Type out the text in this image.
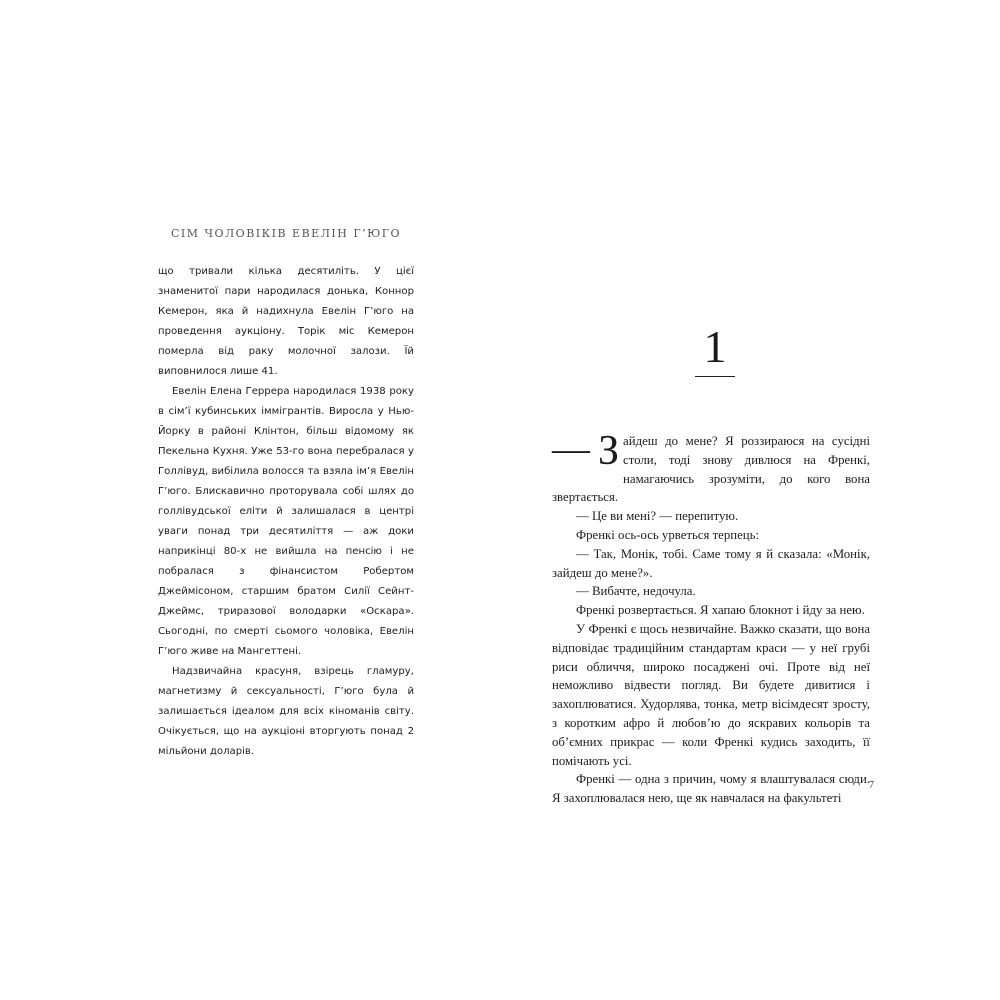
СІМ ЧОЛОВІКІВ ЕВЕЛІН Г’ЮГО

що тривали кілька десятиліть. У цієї знаменитої пари народилася донька, Коннор Кемерон, яка й надихнула Евелін Г’юго на проведення аукціону. Торік міс Кемерон померла від раку молочної залози. Їй виповнилося лише 41.

Евелін Елена Геррера народилася 1938 року в сім’ї кубинських іммігрантів. Виросла у Нью-Йорку в районі Клінтон, більш відомому як Пекельна Кухня. Уже 53-го вона перебралася у Голлівуд, вибілила волосся та взяла ім’я Евелін Г’юго. Блискавично проторувала собі шлях до голлівудської еліти й залишалася в центрі уваги понад три десятиліття — аж доки наприкінці 80-х не вийшла на пенсію і не побралася з фінансистом Робертом Джеймісоном, старшим братом Силії Сейнт-Джеймс, триразової володарки «Оскара». Сьогодні, по смерті сьомого чоловіка, Евелін Г’юго живе на Мангеттені.

Надзвичайна красуня, взірець гламуру, магнетизму й сексуальності, Г’юго була й залишається ідеалом для всіх кіноманів світу. Очікується, що на аукціоні вторгують понад 2 мільйони доларів.

1

— З айдеш до мене? Я роззираюся на сусідні столи, тоді знову дивлюся на Френкі, намагаючись зрозуміти, до кого вона звертається.

— Це ви мені? — перепитую.

Френкі ось-ось урветься терпець:

— Так, Монік, тобі. Саме тому я й сказала: «Монік, зайдеш до мене?».

— Вибачте, недочула.

Френкі розвертається. Я хапаю блокнот і йду за нею.

У Френкі є щось незвичайне. Важко сказати, що вона відповідає традиційним стандартам краси — у неї грубі риси обличчя, широко посаджені очі. Проте від неї неможливо відвести погляд. Ви будете дивитися і захоплюватися. Худорлява, тонка, метр вісімдесят зросту, з коротким афро й любов’ю до яскравих кольорів та об’ємних прикрас — коли Френкі кудись заходить, її помічають усі.

Френкі — одна з причин, чому я влаштувалася сюди. Я захоплювалася нею, ще як навчалася на факультеті

7
